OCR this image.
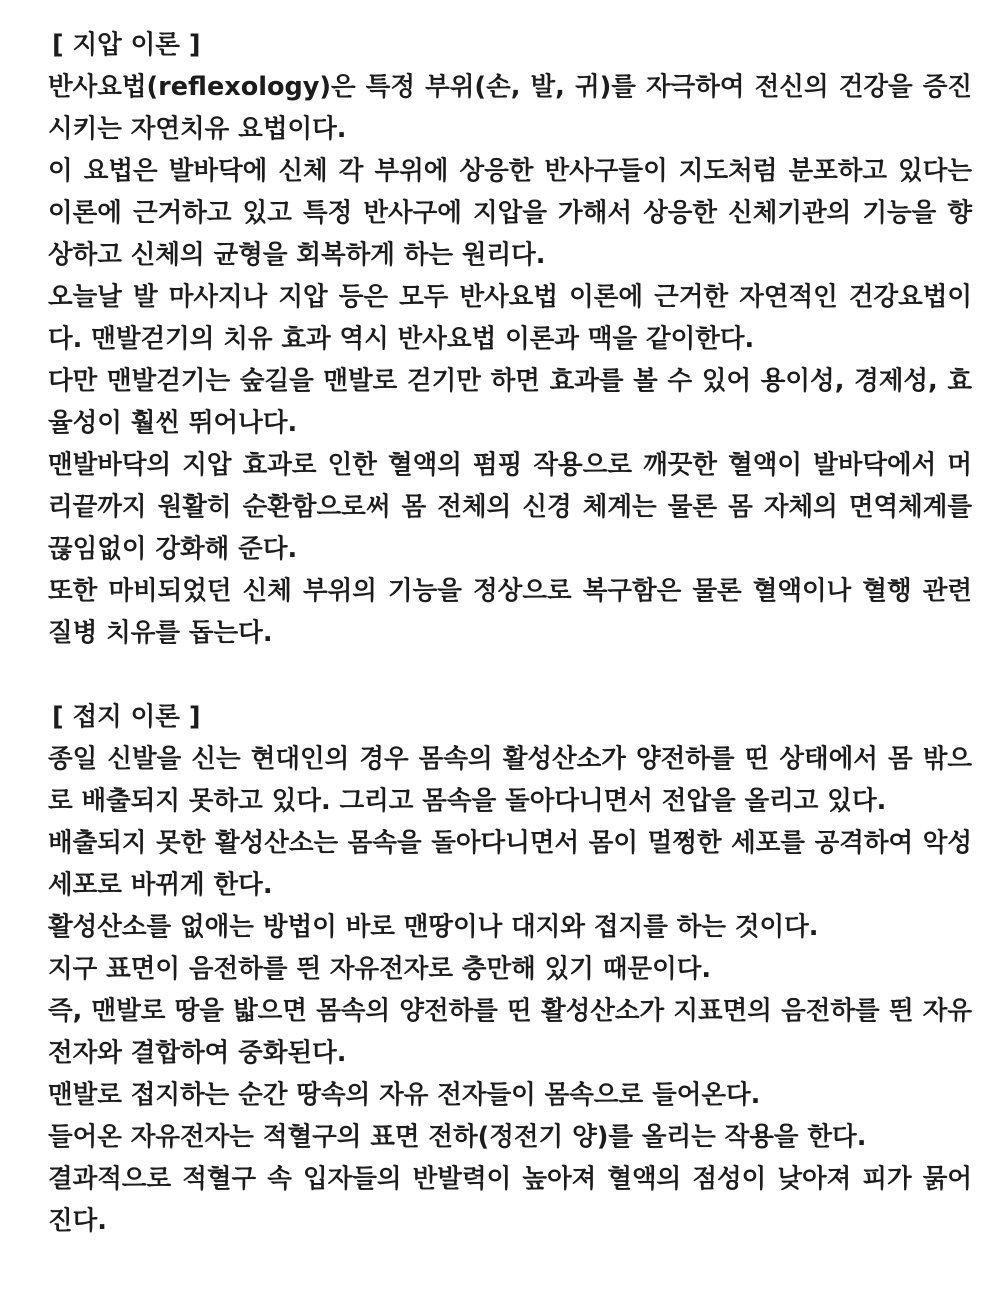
[ 지압 이론 ]

반사요법(reflexology)은 특정 부위(손, 발, 귀)를 자극하여 전신의 건강을 증진시키는 자연치유 요법이다.

이 요법은 발바닥에 신체 각 부위에 상응한 반사구들이 지도처럼 분포하고 있다는 이론에 근거하고 있고 특정 반사구에 지압을 가해서 상응한 신체기관의 기능을 향상하고 신체의 균형을 회복하게 하는 원리다.

오늘날 발 마사지나 지압 등은 모두 반사요법 이론에 근거한 자연적인 건강요법이다. 맨발걷기의 치유 효과 역시 반사요법 이론과 맥을 같이한다.

다만 맨발걷기는 숲길을 맨발로 걷기만 하면 효과를 볼 수 있어 용이성, 경제성, 효율성이 훨씬 뛰어나다.

맨발바닥의 지압 효과로 인한 혈액의 펌핑 작용으로 깨끗한 혈액이 발바닥에서 머리끝까지 원활히 순환함으로써 몸 전체의 신경 체계는 물론 몸 자체의 면역체계를 끊임없이 강화해 준다.

또한 마비되었던 신체 부위의 기능을 정상으로 복구함은 물론 혈액이나 혈행 관련 질병 치유를 돕는다.

[ 접지 이론 ]

종일 신발을 신는 현대인의 경우 몸속의 활성산소가 양전하를 띤 상태에서 몸 밖으로 배출되지 못하고 있다. 그리고 몸속을 돌아다니면서 전압을 올리고 있다.

배출되지 못한 활성산소는 몸속을 돌아다니면서 몸이 멀쩡한 세포를 공격하여 악성 세포로 바뀌게 한다.

활성산소를 없애는 방법이 바로 맨땅이나 대지와 접지를 하는 것이다.

지구 표면이 음전하를 띈 자유전자로 충만해 있기 때문이다.

즉, 맨발로 땅을 밟으면 몸속의 양전하를 띤 활성산소가 지표면의 음전하를 띈 자유전자와 결합하여 중화된다.

맨발로 접지하는 순간 땅속의 자유 전자들이 몸속으로 들어온다.

들어온 자유전자는 적혈구의 표면 전하(정전기 양)를 올리는 작용을 한다.

결과적으로 적혈구 속 입자들의 반발력이 높아져 혈액의 점성이 낮아져 피가 묽어진다.
